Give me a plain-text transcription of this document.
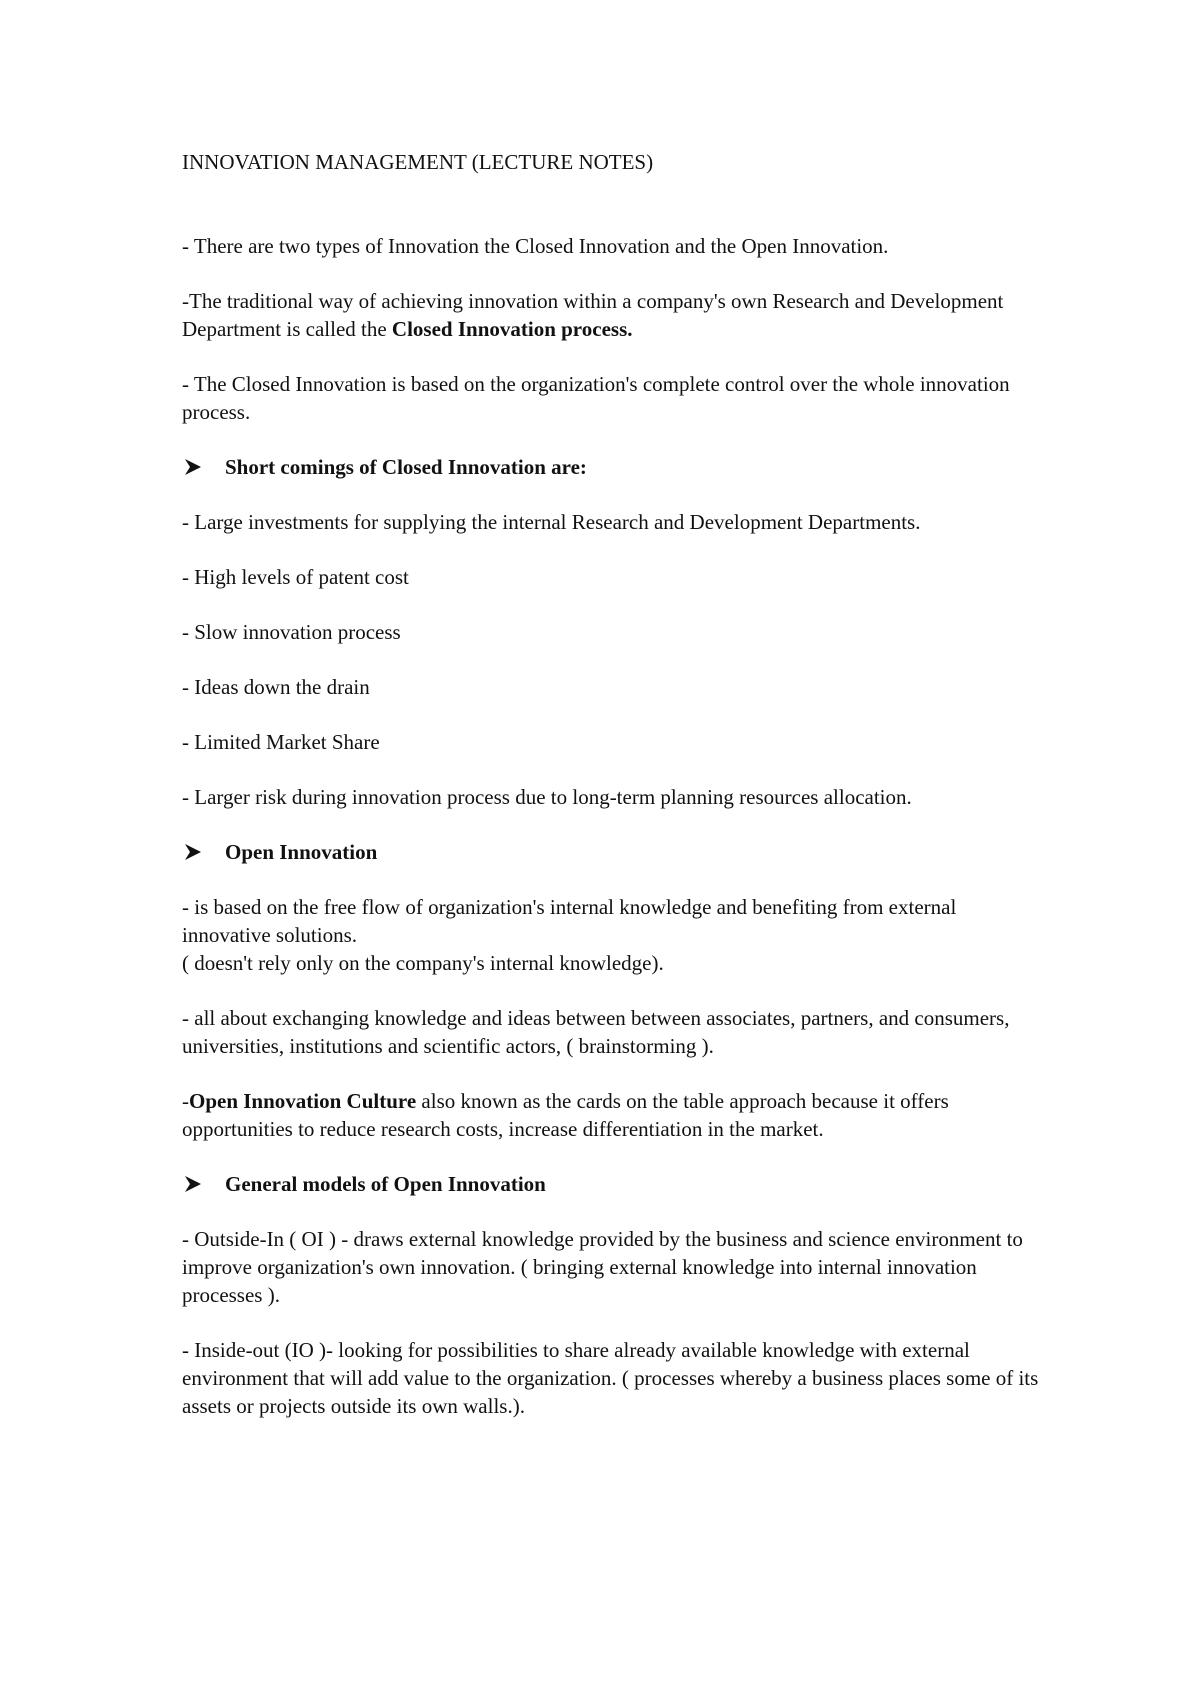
INNOVATION MANAGEMENT (LECTURE NOTES)

- There are two types of Innovation the Closed Innovation and the Open Innovation.

-The traditional way of achieving innovation within a company's own Research and Development Department is called the Closed Innovation process.

- The Closed Innovation is based on the organization's complete control over the whole innovation process.

Short comings of Closed Innovation are:

- Large investments for supplying the internal Research and Development Departments.

- High levels of patent cost

- Slow innovation process

- Ideas down the drain

- Limited Market Share

- Larger risk during innovation process due to long-term planning resources allocation.

Open Innovation

- is based on the free flow of organization's internal knowledge and benefiting from external innovative solutions.
( doesn't rely only on the company's internal knowledge).

- all about exchanging knowledge and ideas between between associates, partners, and consumers, universities, institutions and scientific actors, ( brainstorming ).

-Open Innovation Culture also known as the cards on the table approach because it offers opportunities to reduce research costs, increase differentiation in the market.

General models of Open Innovation

- Outside-In ( OI ) - draws external knowledge provided by the business and science environment to improve organization's own innovation. ( bringing external knowledge into internal innovation processes ).

- Inside-out (IO )- looking for possibilities to share already available knowledge with external environment that will add value to the organization. ( processes whereby a business places some of its assets or projects outside its own walls.).
